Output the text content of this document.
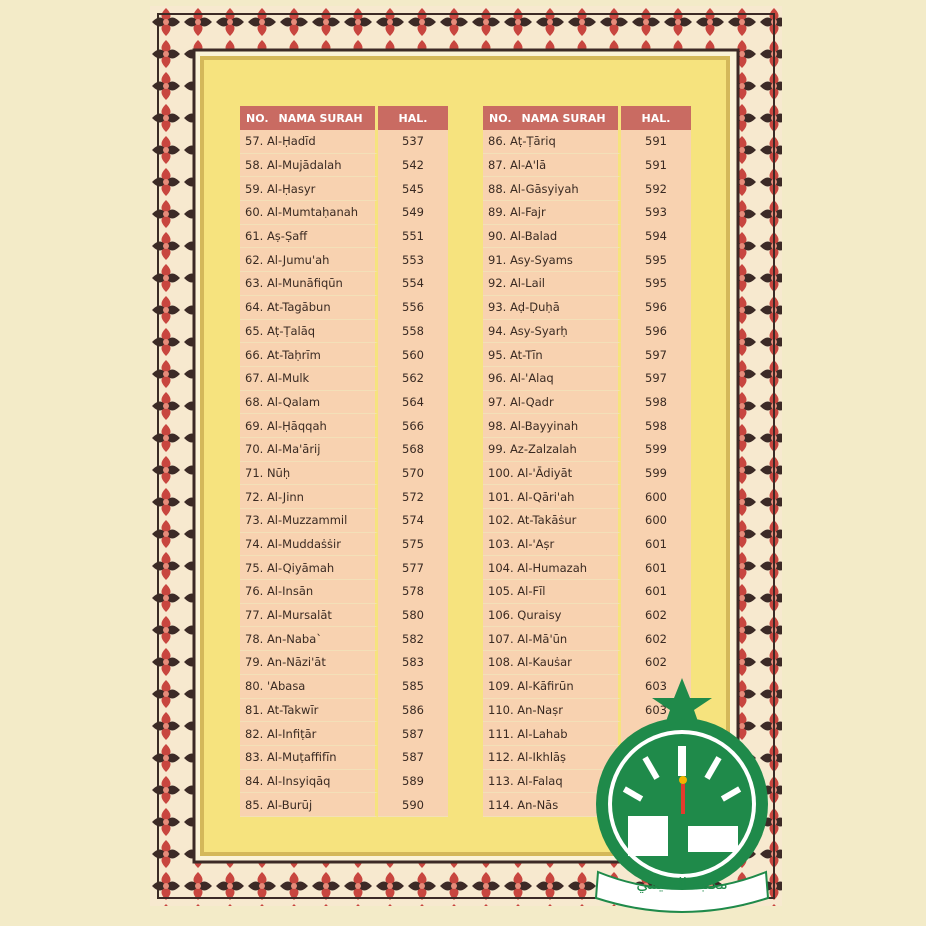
NO. NAMA SURAH	HAL.
57. Al-Ḥadīd	537
58. Al-Mujādalah	542
59. Al-Ḥasyr	545
60. Al-Mumtaḥanah	549
61. Aṣ-Ṣaff	551
62. Al-Jumu'ah	553
63. Al-Munāfiqūn	554
64. At-Tagābun	556
65. Aṭ-Ṭalāq	558
66. At-Taḥrīm	560
67. Al-Mulk	562
68. Al-Qalam	564
69. Al-Ḥāqqah	566
70. Al-Ma'ārij	568
71. Nūḥ	570
72. Al-Jinn	572
73. Al-Muzzammil	574
74. Al-Muddaṡṡir	575
75. Al-Qiyāmah	577
76. Al-Insān	578
77. Al-Mursalāt	580
78. An-Naba`	582
79. An-Nāzi'āt	583
80. 'Abasa	585
81. At-Takwīr	586
82. Al-Infiṭār	587
83. Al-Muṭaffifīn	587
84. Al-Insyiqāq	589
85. Al-Burūj	590
NO. NAMA SURAH	HAL.
86. Aṭ-Ṭāriq	591
87. Al-A'lā	591
88. Al-Gāsyiyah	592
89. Al-Fajr	593
90. Al-Balad	594
91. Asy-Syams	595
92. Al-Lail	595
93. Aḍ-Ḍuḥā	596
94. Asy-Syarḥ	596
95. At-Tīn	597
96. Al-'Alaq	597
97. Al-Qadr	598
98. Al-Bayyinah	598
99. Az-Zalzalah	599
100. Al-'Ādiyāt	599
101. Al-Qāri'ah	600
102. At-Takāṡur	600
103. Al-'Aṣr	601
104. Al-Humazah	601
105. Al-Fīl	601
106. Quraisy	602
107. Al-Mā'ūn	602
108. Al-Kauṡar	602
109. Al-Kāfirūn	603
110. An-Naṣr	603
111. Al-Lahab
112. Al-Ikhlāṣ
113. Al-Falaq
114. An-Nās
مكتبة التميمي
